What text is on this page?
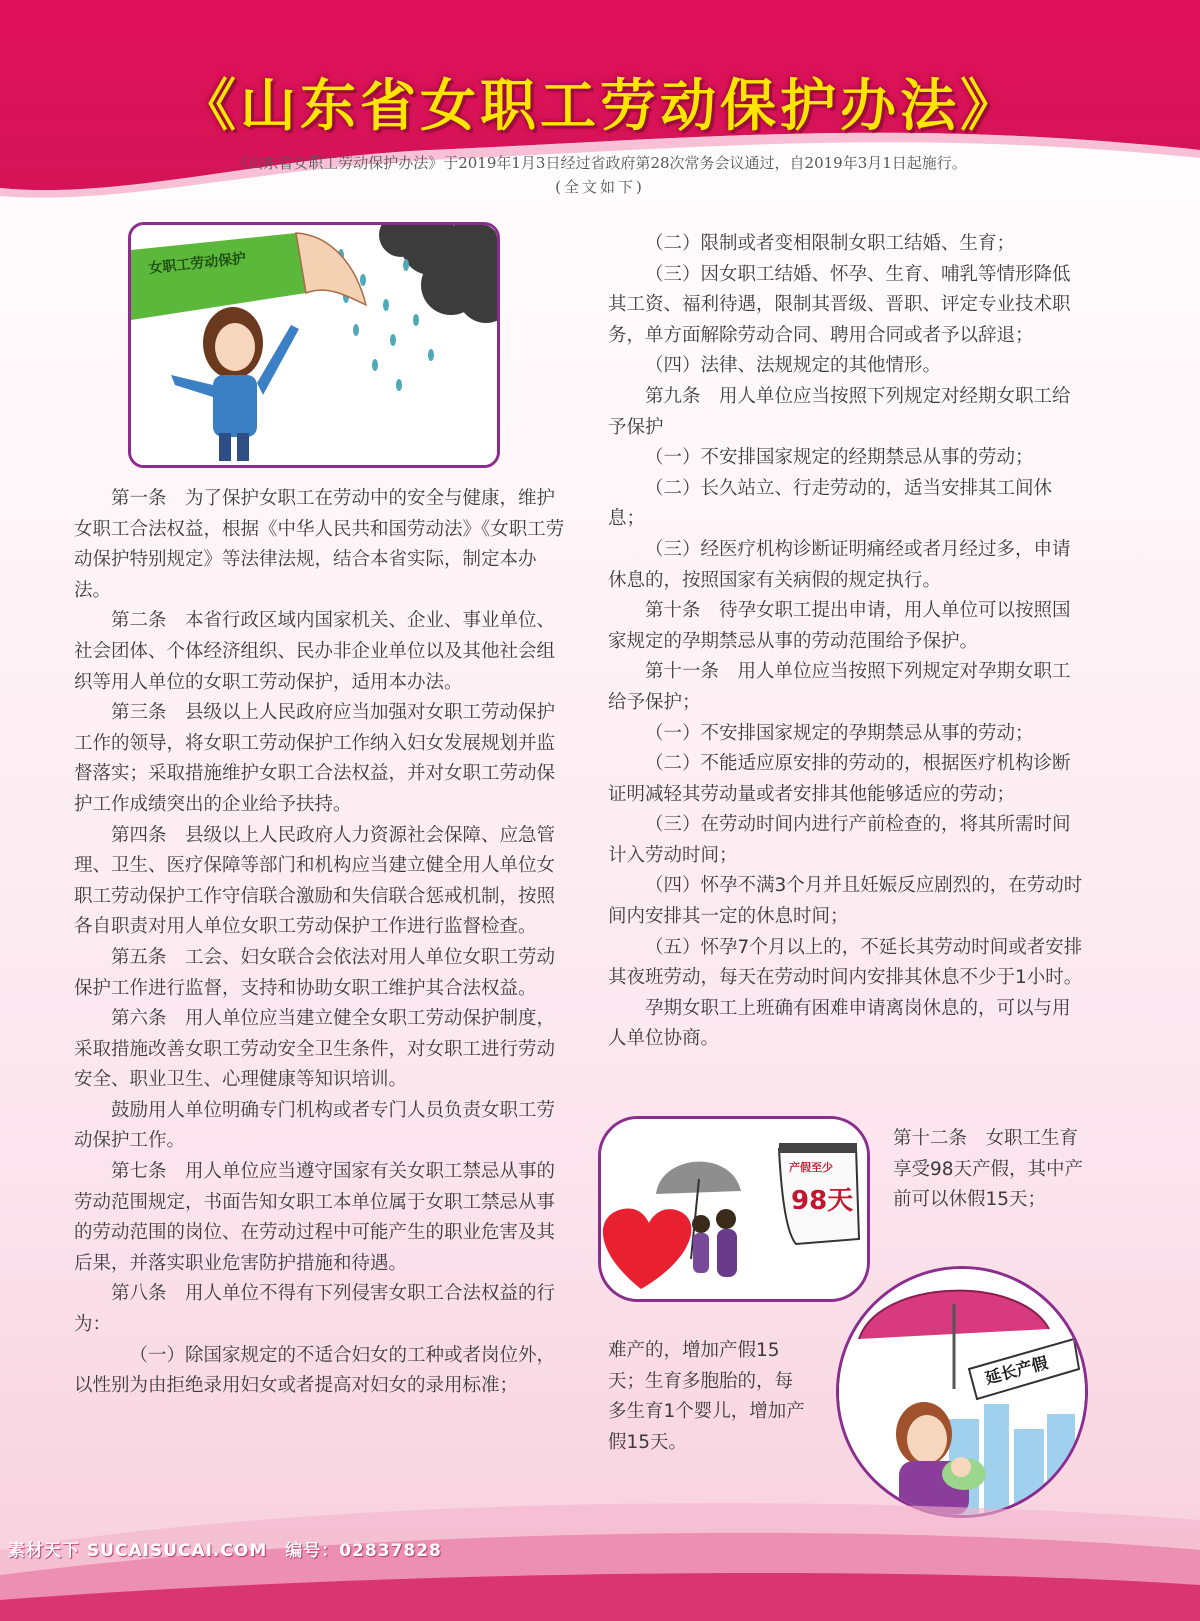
《山东省女职工劳动保护办法》
《山东省女职工劳动保护办法》于2019年1月3日经过省政府第28次常务会议通过，自2019年3月1日起施行。
(全文如下)
女职工劳动保护

第一条　为了保护女职工在劳动中的安全与健康，维护女职工合法权益，根据《中华人民共和国劳动法》《女职工劳动保护特别规定》等法律法规，结合本省实际，制定本办法。

第二条　本省行政区域内国家机关、企业、事业单位、社会团体、个体经济组织、民办非企业单位以及其他社会组织等用人单位的女职工劳动保护，适用本办法。

第三条　县级以上人民政府应当加强对女职工劳动保护工作的领导，将女职工劳动保护工作纳入妇女发展规划并监督落实；采取措施维护女职工合法权益，并对女职工劳动保护工作成绩突出的企业给予扶持。

第四条　县级以上人民政府人力资源社会保障、应急管理、卫生、医疗保障等部门和机构应当建立健全用人单位女职工劳动保护工作守信联合激励和失信联合惩戒机制，按照各自职责对用人单位女职工劳动保护工作进行监督检查。

第五条　工会、妇女联合会依法对用人单位女职工劳动保护工作进行监督，支持和协助女职工维护其合法权益。

第六条　用人单位应当建立健全女职工劳动保护制度，采取措施改善女职工劳动安全卫生条件，对女职工进行劳动安全、职业卫生、心理健康等知识培训。

鼓励用人单位明确专门机构或者专门人员负责女职工劳动保护工作。

第七条　用人单位应当遵守国家有关女职工禁忌从事的劳动范围规定，书面告知女职工本单位属于女职工禁忌从事的劳动范围的岗位、在劳动过程中可能产生的职业危害及其后果，并落实职业危害防护措施和待遇。

第八条　用人单位不得有下列侵害女职工合法权益的行为：

（一）除国家规定的不适合妇女的工种或者岗位外，以性别为由拒绝录用妇女或者提高对妇女的录用标准；

（二）限制或者变相限制女职工结婚、生育；

（三）因女职工结婚、怀孕、生育、哺乳等情形降低其工资、福利待遇，限制其晋级、晋职、评定专业技术职务，单方面解除劳动合同、聘用合同或者予以辞退；

（四）法律、法规规定的其他情形。

第九条　用人单位应当按照下列规定对经期女职工给予保护

（一）不安排国家规定的经期禁忌从事的劳动；

（二）长久站立、行走劳动的，适当安排其工间休息；

（三）经医疗机构诊断证明痛经或者月经过多，申请休息的，按照国家有关病假的规定执行。

第十条　待孕女职工提出申请，用人单位可以按照国家规定的孕期禁忌从事的劳动范围给予保护。

第十一条　用人单位应当按照下列规定对孕期女职工给予保护；

（一）不安排国家规定的孕期禁忌从事的劳动；

（二）不能适应原安排的劳动的，根据医疗机构诊断证明减轻其劳动量或者安排其他能够适应的劳动；

（三）在劳动时间内进行产前检查的，将其所需时间计入劳动时间；

（四）怀孕不满3个月并且妊娠反应剧烈的，在劳动时间内安排其一定的休息时间；

（五）怀孕7个月以上的，不延长其劳动时间或者安排其夜班劳动，每天在劳动时间内安排其休息不少于1小时。

孕期女职工上班确有困难申请离岗休息的，可以与用人单位协商。

产假至少
98天
第十二条　女职工生育享受98天产假，其中产前可以休假15天；
难产的，增加产假15天；生育多胞胎的，每多生育1个婴儿，增加产假15天。
延长产假
素材天下 SUCAISUCAI.COM　编号：02837828
